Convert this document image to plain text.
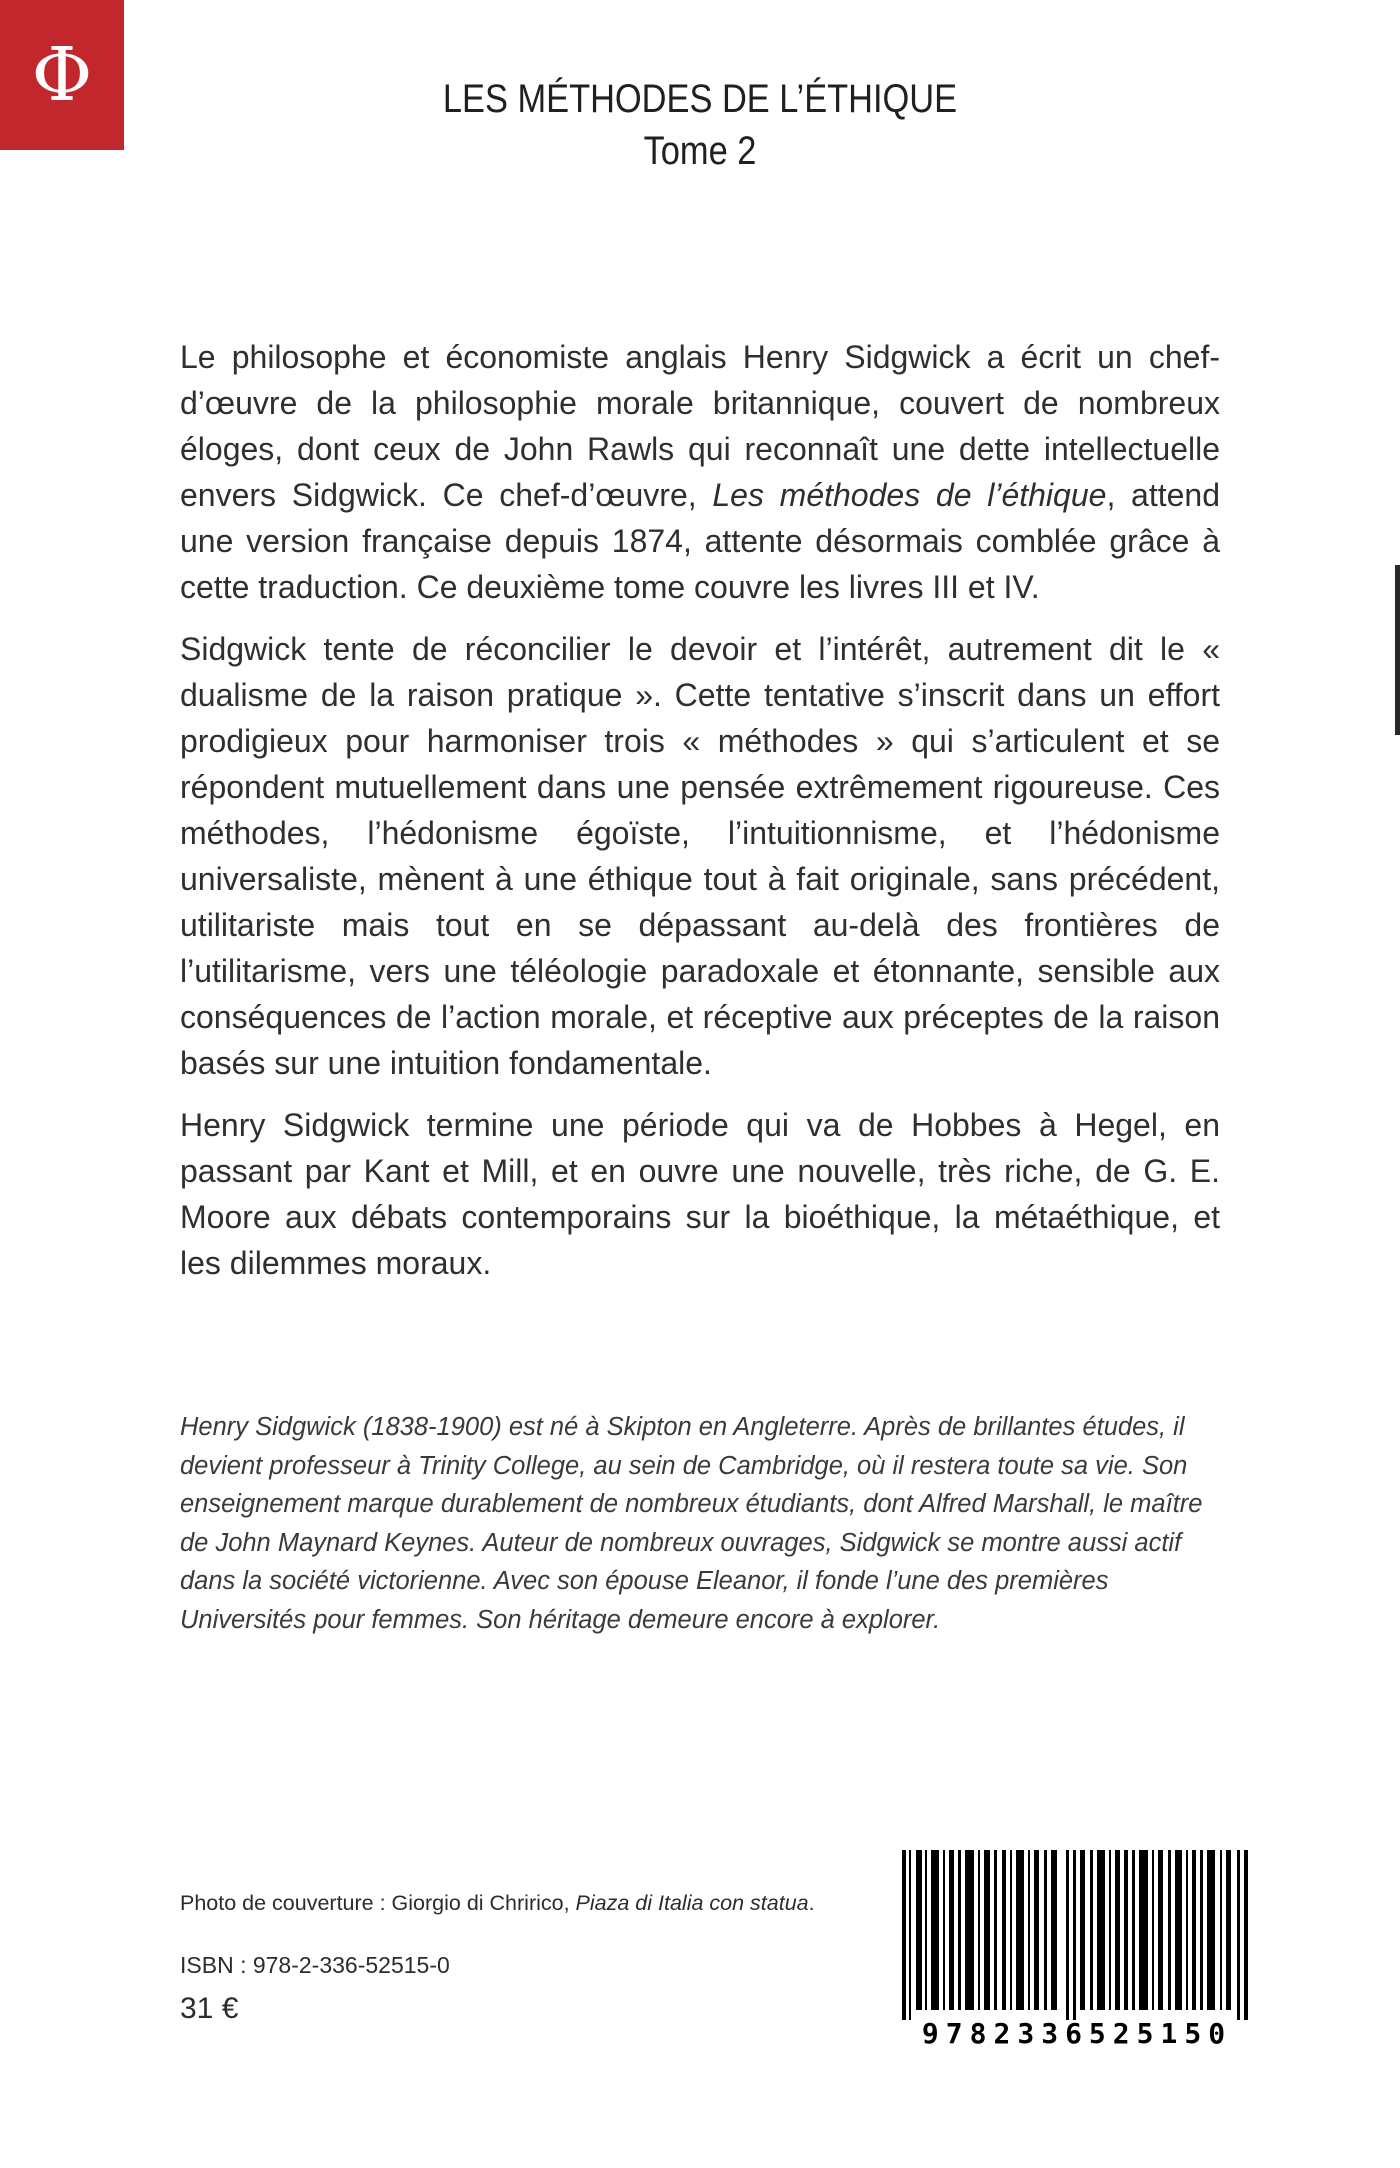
Φ	LES MÉTHODES DE L’ÉTHIQUE
Tome 2

Le philosophe et économiste anglais Henry Sidgwick a écrit un chef-d’œuvre de la philosophie morale britannique, couvert de nombreux éloges, dont ceux de John Rawls qui reconnaît une dette intellectuelle envers Sidgwick. Ce chef-d’œuvre, Les méthodes de l’éthique, attend une version française depuis 1874, attente désormais comblée grâce à cette traduction. Ce deuxième tome couvre les livres III et IV.

Sidgwick tente de réconcilier le devoir et l’intérêt, autrement dit le « dualisme de la raison pratique ». Cette tentative s’inscrit dans un effort prodigieux pour harmoniser trois « méthodes » qui s’articulent et se répondent mutuellement dans une pensée extrêmement rigoureuse. Ces méthodes, l’hédonisme égoïste, l’intuitionnisme, et l’hédonisme universaliste, mènent à une éthique tout à fait originale, sans précédent, utilitariste mais tout en se dépassant au-delà des frontières de l’utilitarisme, vers une téléologie paradoxale et étonnante, sensible aux conséquences de l’action morale, et réceptive aux préceptes de la raison basés sur une intuition fondamentale.

Henry Sidgwick termine une période qui va de Hobbes à Hegel, en passant par Kant et Mill, et en ouvre une nouvelle, très riche, de G. E. Moore aux débats contemporains sur la bioéthique, la métaéthique, et les dilemmes moraux.

Henry Sidgwick (1838-1900) est né à Skipton en Angleterre. Après de brillantes études, il devient professeur à Trinity College, au sein de Cambridge, où il restera toute sa vie. Son enseignement marque durablement de nombreux étudiants, dont Alfred Marshall, le maître de John Maynard Keynes. Auteur de nombreux ouvrages, Sidgwick se montre aussi actif dans la société victorienne. Avec son épouse Eleanor, il fonde l’une des premières Universités pour femmes. Son héritage demeure encore à explorer.

Photo de couverture : Giorgio di Chririco, Piaza di Italia con statua.
ISBN : 978-2-336-52515-0
31 €
9782336525150
